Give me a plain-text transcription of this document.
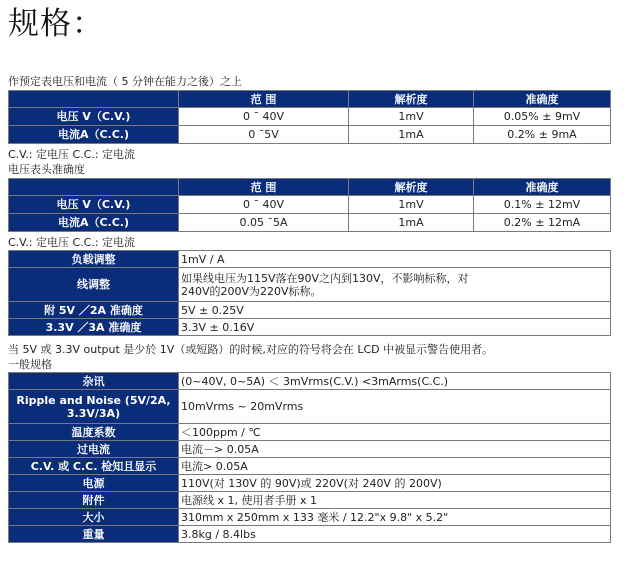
规格：
作预定表电压和电流（ 5 分钟在能力之後）之上
	范 围	解析度	准确度
电压 V（C.V.)	0 ˉ 40V	1mV	0.05% ± 9mV
电流A（C.C.)	0 ˉ5V	1mA	0.2% ± 9mA
C.V.: 定电压 C.C.: 定电流
电压表头准确度
	范 围	解析度	准确度
电压 V（C.V.)	0 ˉ 40V	1mV	0.1% ± 12mV
电流A（C.C.)	0.05 ˉ5A	1mA	0.2% ± 12mA
C.V.: 定电压 C.C.: 定电流
负载调整	1mV / A
线调整	如果线电压为115V落在90V之内到130V，不影响标称，对240V的200V为220V标称。
附 5V ／2A 准确度	5V ± 0.25V
3.3V ／3A 准确度	3.3V ± 0.16V
当 5V 或 3.3V output 是少於 1V（或短路）的时候,对应的符号将会在 LCD 中被显示警告使用者。
一般规格
杂讯	(0~40V, 0~5A) ＜ 3mVrms(C.V.) <3mArms(C.C.)
Ripple and Noise (5V/2A, 3.3V/3A)	10mVrms ~ 20mVrms
温度系数	＜100ppm / ℃
过电流	电流－> 0.05A
C.V. 或 C.C. 检知且显示	电流> 0.05A
电源	110V(对 130V 的 90V)或 220V(对 240V 的 200V)
附件	电源线 x 1, 使用者手册 x 1
大小	310mm x 250mm x 133 毫米 / 12.2"x 9.8" x 5.2"
重量	3.8kg / 8.4lbs
